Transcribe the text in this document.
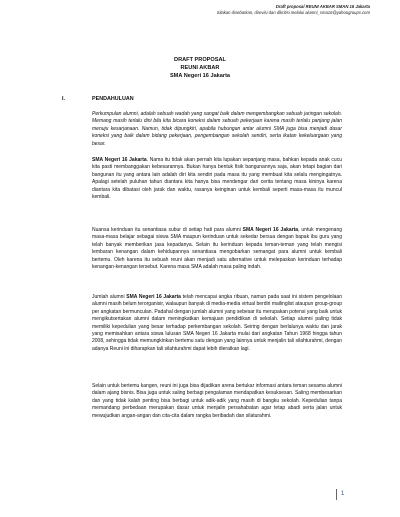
Draft proposal REUNI AKBAR SMAN 16 Jakarta
Silakan disebarkan, direvisi dan dikritisi melalui alumni_sma16@yahoogroups.com
DRAFT PROPOSAL
REUNI AKBAR
SMA Negeri 16 Jakarta
I.	PENDAHULUAN
Perkumpulan alumni, adalah sebuah wadah yang sangat baik dalam mengembangkan sebuah jaringan sekolah. Memang masih terlalu dini bila kita bicara koneksi dalam sebuah pekerjaan karena masih terlalu panjang jalan menuju kesarjanaan. Namun, tidak dipungkiri, apabila hubungan antar alumni SMA juga bisa menjadi dasar koneksi yang baik dalam bidang pekerjaan, pengembangan sekolah sendiri, serta ikatan kekeluargaan yang besar.
SMA Negeri 16 Jakarta. Nama itu tidak akan pernah kita lupakan sepanjang masa, bahkan kepada anak cucu kita pasti membanggakan kebesarannya. Bukan hanya bentuk fisik bangunannya saja, akan tetapi bagian dari bangunan itu yang antara lain adalah diri kita sendiri pada masa itu yang membuat kita selalu mengingatnya. Apalagi setelah puluhan tahun diantara kita hanya bisa mendengar dari cerita tentang masa kininya karena diantara kita dibatasi oleh jarak dan waktu, rasanya keinginan untuk kembali seperti masa-masa itu muncul kembali.
Nuansa kerinduan itu senantiasa subur di setiap hati para alumni SMA Negeri 16 Jakarta, untuk mengenang masa-masa belajar sebagai siswa SMA maupun kerinduan untuk sekedar bersua dengan bapak ibu guru yang telah banyak memberikan jasa kepadanya. Selain itu kerinduan kepada teman-teman yang telah mengisi lembaran kenangan dalam kehidupannya senantiasa mengobarkan semangat para alumni untuk kembali bertemu. Oleh karena itu sebuah reuni akan menjadi satu alternative untuk melepaskan kerinduan terhadap kenangan-kenangan tersebut. Karena masa SMA adalah masa paling indah.
Jumlah alumni SMA Negeri 16 Jakarta telah mencapai angka ribuan, namun pada saat ini sistem pengelolaan alumni masih belum terorganisir, walaupun banyak di media-media virtual berdiri mailinglist ataupun group-group per angkatan bermunculan. Padahal dengan jumlah alumni yang sebesar itu merupakan potensi yang baik untuk mengikutsertakan alumni dalam meningkatkan kemajuan pendidikan di sekolah. Setiap alumni paling tidak memiliki kepedulian yang besar terhadap perkembangan sekolah. Seiring dengan berlalunya waktu dan jarak yang memisahkan antara siswa lulusan SMA Negeri 16 Jakarta mulai dari angkatan Tahun 1968 hingga tahun 2008, sehingga tidak memungkinkan bertemu satu dengan yang lainnya untuk menjalin tali silahturahmi, dengan adanya Reuni ini diharapkan tali silahturahmi dapat lebih dieratkan lagi.
Selain untuk bertemu kangen, reuni ini juga bisa dijadikan arena bertukar informasi antara teman sesama alumni dalam ajang bisnis. Bisa juga untuk saling berbagi pengalaman mendapatkan kesuksesan. Saling membesarkan dan yang tidak kalah penting bisa berbagi untuk adik-adik yang masih di bangku sekolah. Kepedulian tanpa memandang perbedaan merupakan dasar untuk menjalin persahabatan agar tetap abadi serta jalan untuk mewujudkan angan-angan dan cita-cita dalam rangka beribadah dan silaturahmi.
1
